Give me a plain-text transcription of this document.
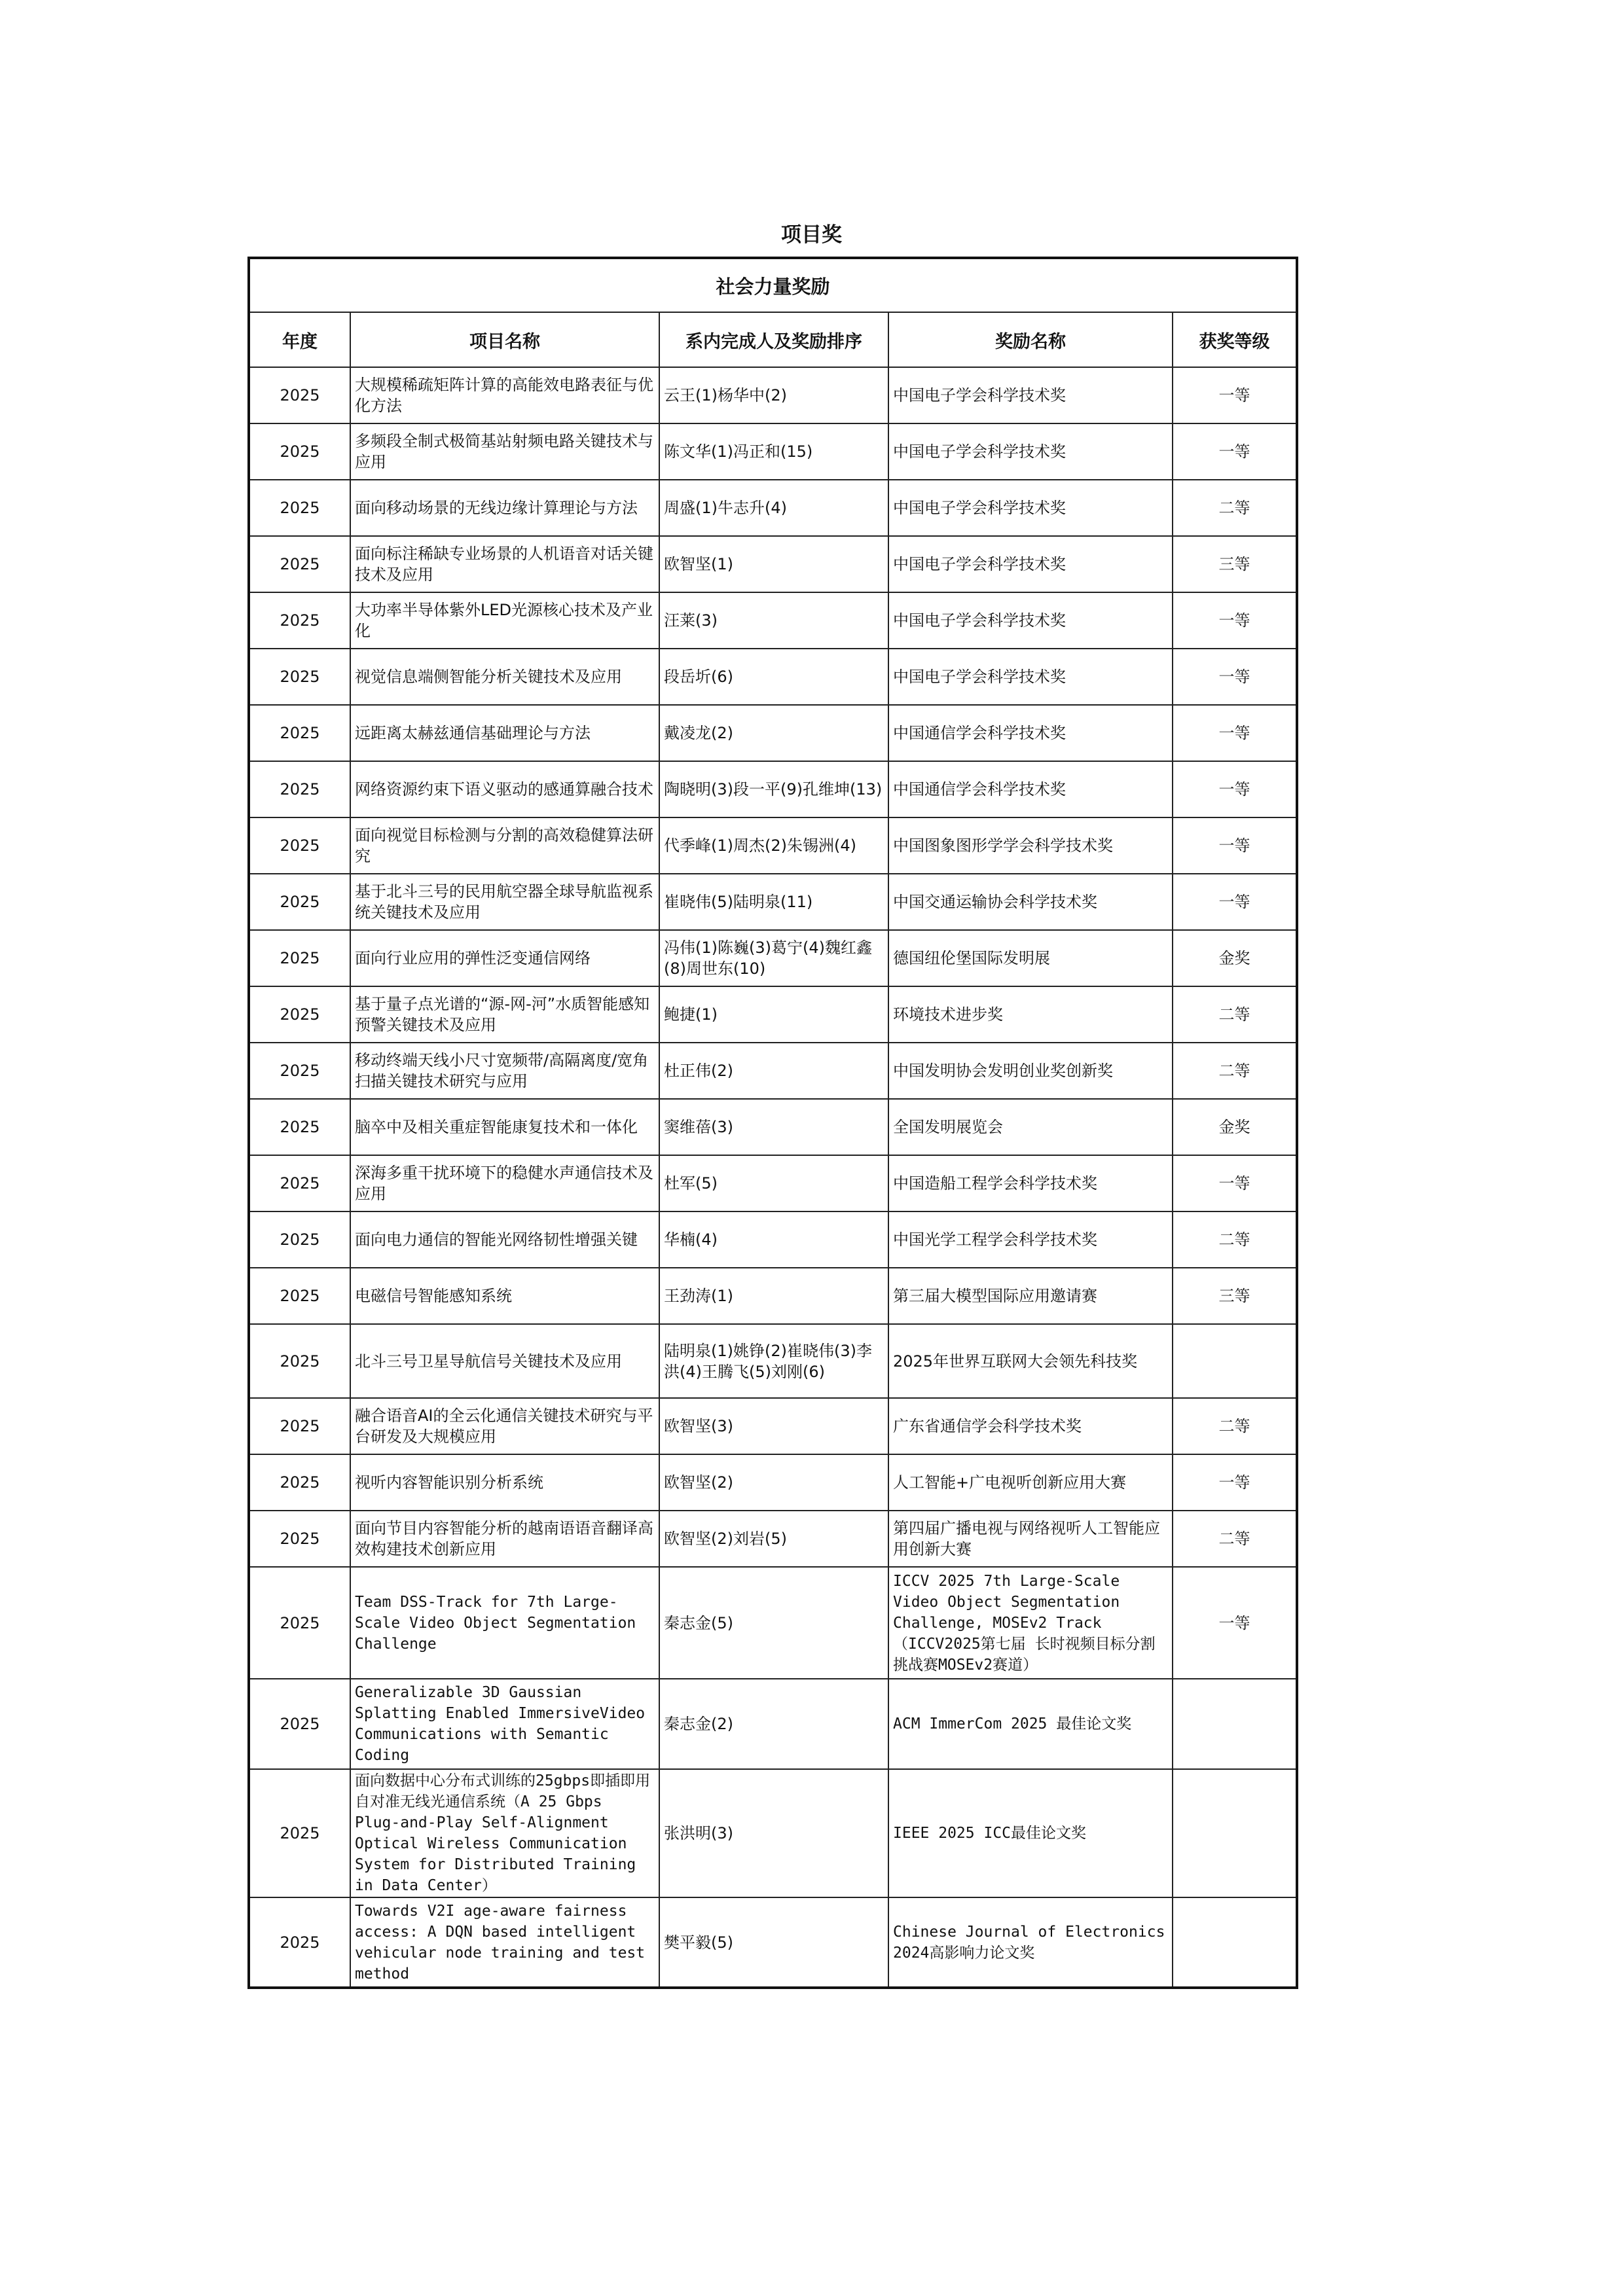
项目奖
社会力量奖励				
年度	项目名称	系内完成人及奖励排序	奖励名称	获奖等级
2025	大规模稀疏矩阵计算的高能效电路表征与优化方法	云王(1)杨华中(2)	中国电子学会科学技术奖	一等
2025	多频段全制式极简基站射频电路关键技术与应用	陈文华(1)冯正和(15)	中国电子学会科学技术奖	一等
2025	面向移动场景的无线边缘计算理论与方法	周盛(1)牛志升(4)	中国电子学会科学技术奖	二等
2025	面向标注稀缺专业场景的人机语音对话关键技术及应用	欧智坚(1)	中国电子学会科学技术奖	三等
2025	大功率半导体紫外LED光源核心技术及产业化	汪莱(3)	中国电子学会科学技术奖	一等
2025	视觉信息端侧智能分析关键技术及应用	段岳圻(6)	中国电子学会科学技术奖	一等
2025	远距离太赫兹通信基础理论与方法	戴凌龙(2)	中国通信学会科学技术奖	一等
2025	网络资源约束下语义驱动的感通算融合技术	陶晓明(3)段一平(9)孔维坤(13)	中国通信学会科学技术奖	一等
2025	面向视觉目标检测与分割的高效稳健算法研究	代季峰(1)周杰(2)朱锡洲(4)	中国图象图形学学会科学技术奖	一等
2025	基于北斗三号的民用航空器全球导航监视系统关键技术及应用	崔晓伟(5)陆明泉(11)	中国交通运输协会科学技术奖	一等
2025	面向行业应用的弹性泛变通信网络	冯伟(1)陈巍(3)葛宁(4)魏红鑫(8)周世东(10)	德国纽伦堡国际发明展	金奖
2025	基于量子点光谱的“源-网-河”水质智能感知预警关键技术及应用	鲍捷(1)	环境技术进步奖	二等
2025	移动终端天线小尺寸宽频带/高隔离度/宽角扫描关键技术研究与应用	杜正伟(2)	中国发明协会发明创业奖创新奖	二等
2025	脑卒中及相关重症智能康复技术和一体化	窦维蓓(3)	全国发明展览会	金奖
2025	深海多重干扰环境下的稳健水声通信技术及应用	杜军(5)	中国造船工程学会科学技术奖	一等
2025	面向电力通信的智能光网络韧性增强关键	华楠(4)	中国光学工程学会科学技术奖	二等
2025	电磁信号智能感知系统	王劲涛(1)	第三届大模型国际应用邀请赛	三等
2025	北斗三号卫星导航信号关键技术及应用	陆明泉(1)姚铮(2)崔晓伟(3)李洪(4)王腾飞(5)刘刚(6)	2025年世界互联网大会领先科技奖	
2025	融合语音AI的全云化通信关键技术研究与平台研发及大规模应用	欧智坚(3)	广东省通信学会科学技术奖	二等
2025	视听内容智能识别分析系统	欧智坚(2)	人工智能+广电视听创新应用大赛	一等
2025	面向节目内容智能分析的越南语语音翻译高效构建技术创新应用	欧智坚(2)刘岩(5)	第四届广播电视与网络视听人工智能应用创新大赛	二等
2025	Team DSS-Track for 7th Large-Scale Video Object Segmentation Challenge	秦志金(5)	ICCV 2025 7th Large-Scale Video Object Segmentation Challenge, MOSEv2 Track（ICCV2025第七届 长时视频目标分割挑战赛MOSEv2赛道）	一等
2025	Generalizable 3D Gaussian Splatting Enabled ImmersiveVideo Communications with Semantic Coding	秦志金(2)	ACM ImmerCom 2025 最佳论文奖	
2025	面向数据中心分布式训练的25gbps即插即用自对准无线光通信系统（A 25 Gbps Plug-and-Play Self-Alignment Optical Wireless Communication System for Distributed Training in Data Center）	张洪明(3)	IEEE 2025 ICC最佳论文奖	
2025	Towards V2I age-aware fairness access: A DQN based intelligent vehicular node training and test method	樊平毅(5)	Chinese Journal of Electronics 2024高影响力论文奖	
